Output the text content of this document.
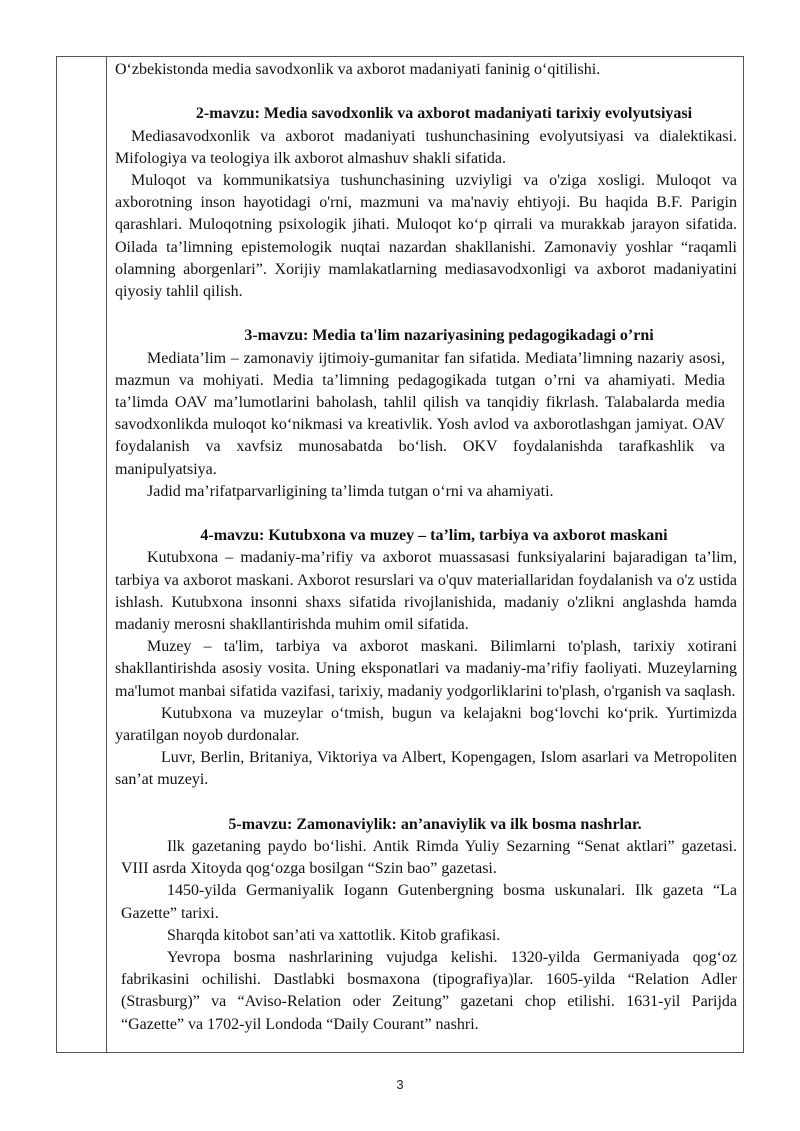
O‘zbekistonda media savodxonlik va axborot madaniyati faninig o‘qitilishi.

2-mavzu: Media savodxonlik va axborot madaniyati tarixiy evolyutsiyasi

Mediasavodxonlik va axborot madaniyati tushunchasining evolyutsiyasi va dialektikasi. Mifologiya va teologiya ilk axborot almashuv shakli sifatida.

Muloqot va kommunikatsiya tushunchasining uzviyligi va o'ziga xosligi. Muloqot va axborotning inson hayotidagi o'rni, mazmuni va ma'naviy ehtiyoji. Bu haqida B.F. Parigin qarashlari. Muloqotning psixologik jihati. Muloqot ko‘p qirrali va murakkab jarayon sifatida. Oilada ta’limning epistemologik nuqtai nazardan shakllanishi. Zamonaviy yoshlar “raqamli olamning aborgenlari”. Xorijiy mamlakatlarning mediasavodxonligi va axborot madaniyatini qiyosiy tahlil qilish.

3-mavzu: Media ta'lim nazariyasining pedagogikadagi o’rni

Mediata’lim – zamonaviy ijtimoiy-gumanitar fan sifatida. Mediata’limning nazariy asosi, mazmun va mohiyati. Media ta’limning pedagogikada tutgan o’rni va ahamiyati. Media ta’limda OAV ma’lumotlarini baholash, tahlil qilish va tanqidiy fikrlash. Talabalarda media savodxonlikda muloqot ko‘nikmasi va kreativlik. Yosh avlod va axborotlashgan jamiyat. OAV foydalanish va xavfsiz munosabatda bo‘lish. OKV foydalanishda tarafkashlik va manipulyatsiya.

Jadid ma’rifatparvarligining ta’limda tutgan o‘rni va ahamiyati.

4-mavzu: Kutubxona va muzey – ta’lim, tarbiya va axborot maskani

Kutubxona – madaniy-ma’rifiy va axborot muassasasi funksiyalarini bajaradigan ta’lim, tarbiya va axborot maskani. Axborot resurslari va o'quv materiallaridan foydalanish va o'z ustida ishlash. Kutubxona insonni shaxs sifatida rivojlanishida, madaniy o'zlikni anglashda hamda madaniy merosni shakllantirishda muhim omil sifatida.

Muzey – ta'lim, tarbiya va axborot maskani. Bilimlarni to'plash, tarixiy xotirani shakllantirishda asosiy vosita. Uning eksponatlari va madaniy-ma’rifiy faoliyati. Muzeylarning ma'lumot manbai sifatida vazifasi, tarixiy, madaniy yodgorliklarini to'plash, o'rganish va saqlash.

Kutubxona va muzeylar o‘tmish, bugun va kelajakni bog‘lovchi ko‘prik. Yurtimizda yaratilgan noyob durdonalar.

Luvr, Berlin, Britaniya, Viktoriya va Albert, Kopengagen, Islom asarlari va Metropoliten san’at muzeyi.

5-mavzu: Zamonaviylik: an’anaviylik va ilk bosma nashrlar.

Ilk gazetaning paydo bo‘lishi. Antik Rimda Yuliy Sezarning “Senat aktlari” gazetasi. VIII asrda Xitoyda qog‘ozga bosilgan “Szin bao” gazetasi.

1450-yilda Germaniyalik Iogann Gutenbergning bosma uskunalari. Ilk gazeta “La Gazette” tarixi.

Sharqda kitobot san’ati va xattotlik. Kitob grafikasi.

Yevropa bosma nashrlarining vujudga kelishi. 1320-yilda Germaniyada qog‘oz fabrikasini ochilishi. Dastlabki bosmaxona (tipografiya)lar. 1605-yilda “Relation Adler (Strasburg)” va “Aviso-Relation oder Zeitung” gazetani chop etilishi. 1631-yil Parijda “Gazette” va 1702-yil Londoda “Daily Courant” nashri.

3
